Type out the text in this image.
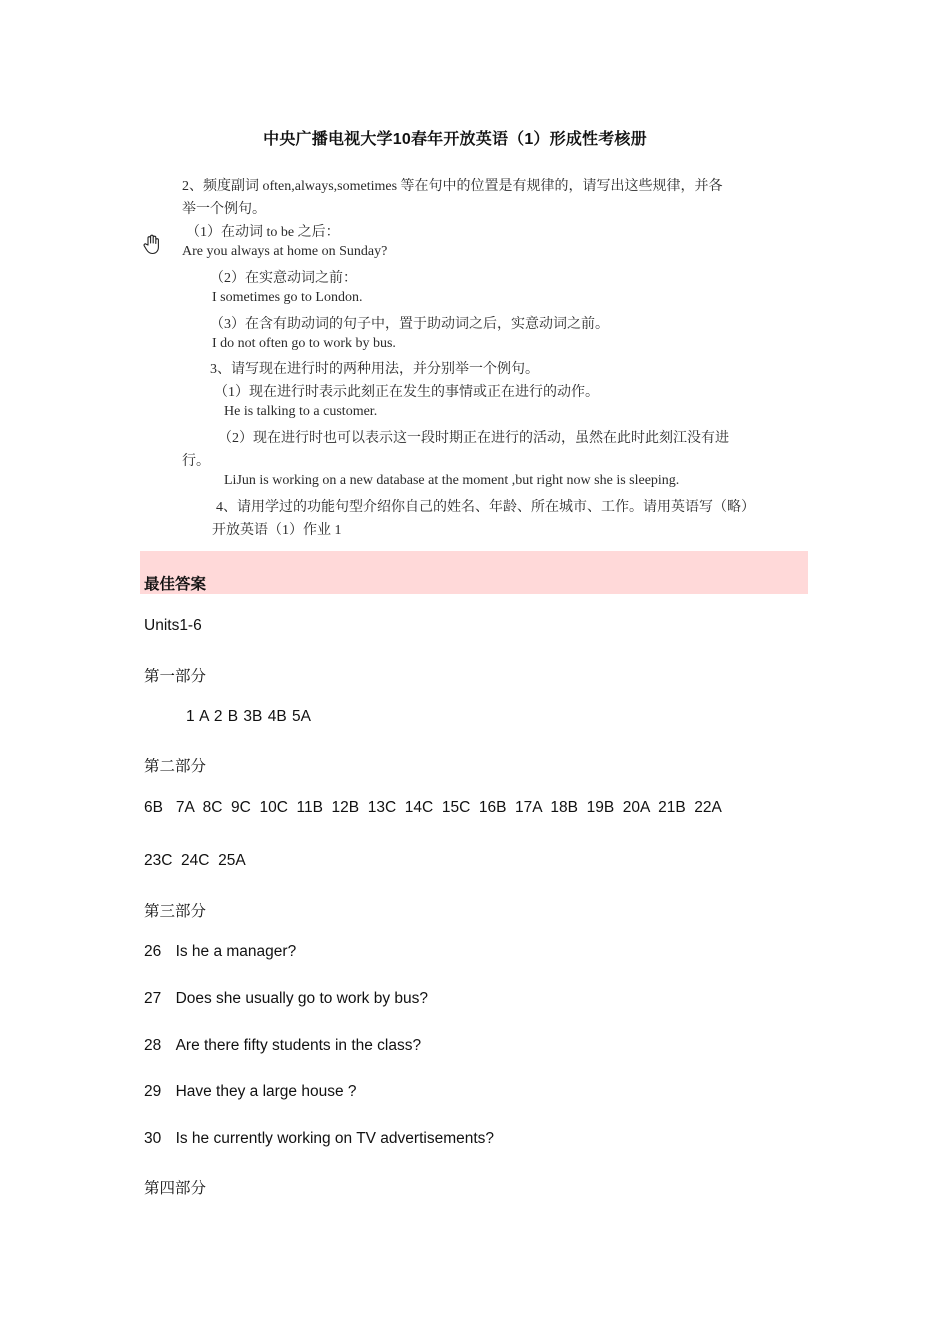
中央广播电视大学10春年开放英语（1）形成性考核册
2、频度副词 often,always,sometimes 等在句中的位置是有规律的，请写出这些规律，并各
举一个例句。
（1）在动词 to be 之后：
Are you always at home on Sunday?
（2）在实意动词之前：
I sometimes go to London.
（3）在含有助动词的句子中，置于助动词之后，实意动词之前。
I do not often go to work by bus.
3、请写现在进行时的两种用法，并分别举一个例句。
（1）现在进行时表示此刻正在发生的事情或正在进行的动作。
He is talking to a customer.
（2）现在进行时也可以表示这一段时期正在进行的活动，虽然在此时此刻江没有进
行。
LiJun is working on a new database at the moment ,but right now she is sleeping.
4、请用学过的功能句型介绍你自己的姓名、年龄、所在城市、工作。请用英语写（略）
开放英语（1）作业 1
最佳答案
Units1-6
第一部分
1 A 2 B 3B 4B 5A
第二部分
6B   7A  8C  9C  10C  11B  12B  13C  14C  15C  16B  17A  18B  19B  20A  21B  22A
23C  24C  25A
第三部分
26 Is he a manager?
27 Does she usually go to work by bus?
28 Are there fifty students in the class?
29 Have they a large house ?
30 Is he currently working on TV advertisements?
第四部分
